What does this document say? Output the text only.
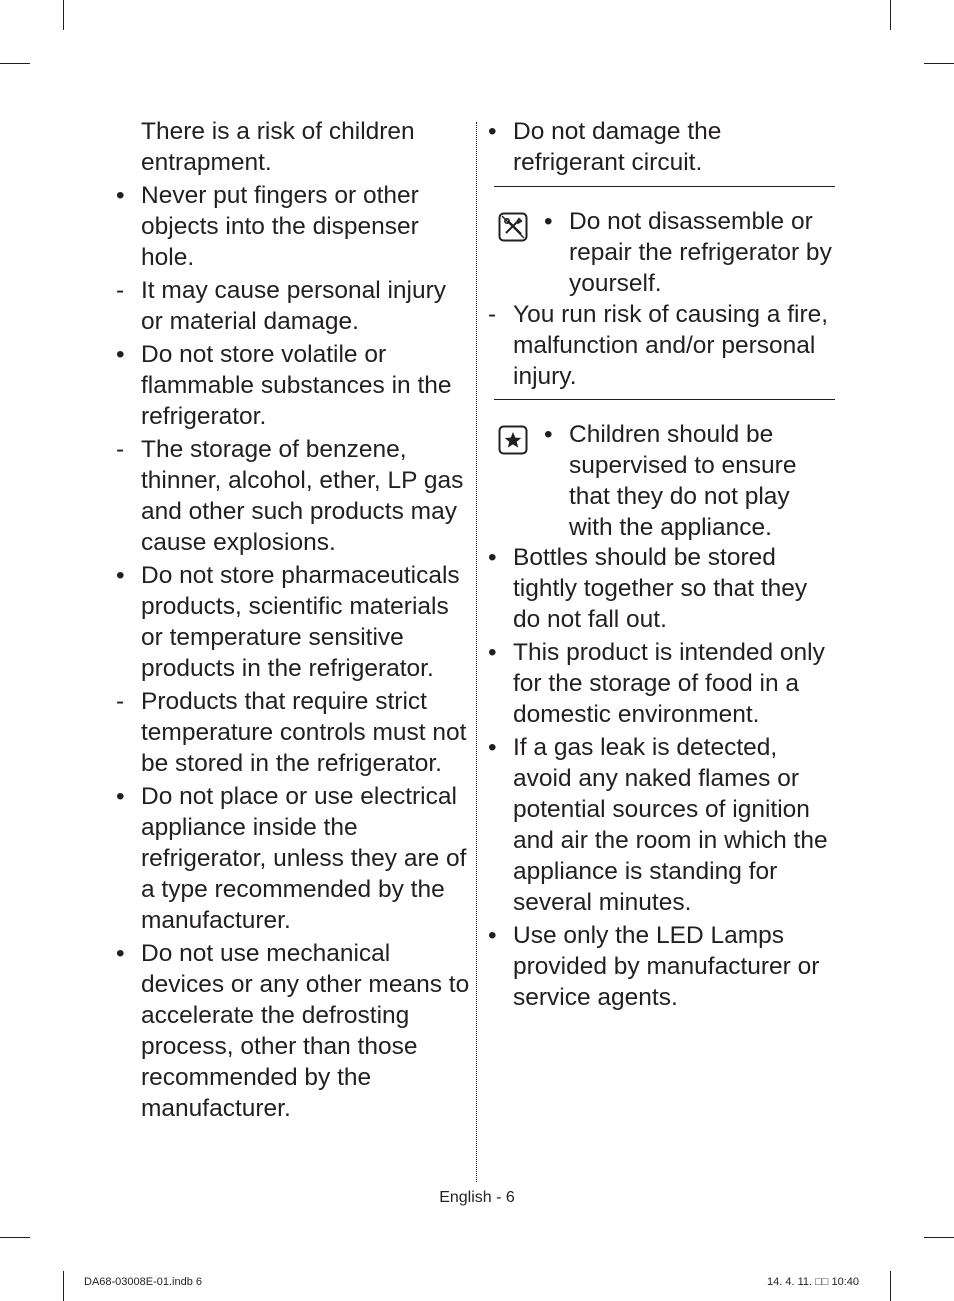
There is a risk of children entrapment.
• Never put fingers or other objects into the dispenser hole.
- It may cause personal injury or material damage.
• Do not store volatile or flammable substances in the refrigerator.
- The storage of benzene, thinner, alcohol, ether, LP gas and other such products may cause explosions.
• Do not store pharmaceuticals products, scientific materials or temperature sensitive products in the refrigerator.
- Products that require strict temperature controls must not be stored in the refrigerator.
• Do not place or use electrical appliance inside the refrigerator, unless they are of a type recommended by the manufacturer.
• Do not use mechanical devices or any other means to accelerate the defrosting process, other than those recommended by the manufacturer.
• Do not damage the refrigerant circuit.
• Do not disassemble or repair the refrigerator by yourself.
- You run risk of causing a fire, malfunction and/or personal injury.
• Children should be supervised to ensure that they do not play with the appliance.
• Bottles should be stored tightly together so that they do not fall out.
• This product is intended only for the storage of food in a domestic environment.
• If a gas leak is detected, avoid any naked flames or potential sources of ignition and air the room in which the appliance is standing for several minutes.
• Use only the LED Lamps provided by manufacturer or service agents.
English - 6
DA68-03008E-01.indb 6	14. 4. 11. □□ 10:40
